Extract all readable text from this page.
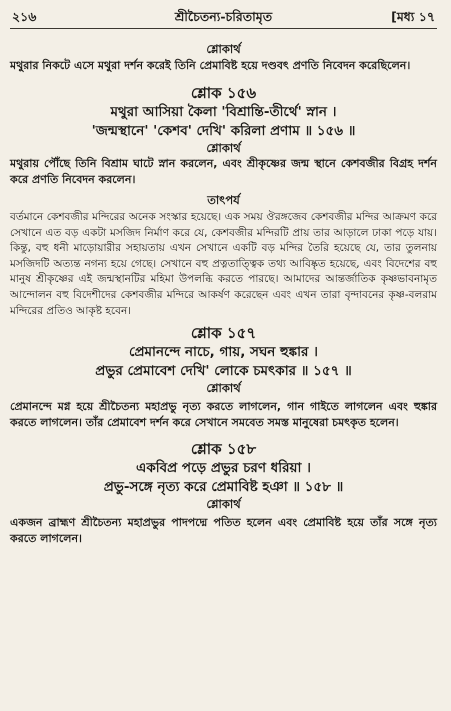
২১৬	শ্রীচৈতন্য-চরিতামৃত	[মধ্য ১৭
শ্লোকার্থ

মথুরার নিকটে এসে মথুরা দর্শন করেই তিনি প্রেমাবিষ্ট হয়ে দণ্ডবৎ প্রণতি নিবেদন করেছিলেন।

শ্লোক ১৫৬
মথুরা আসিয়া কৈলা 'বিশ্রান্তি-তীর্থে' স্নান ।
'জন্মস্থানে' 'কেশব' দেখি' করিলা প্রণাম ॥ ১৫৬ ॥
শ্লোকার্থ

মথুরায় পৌঁছে তিনি বিশ্রাম ঘাটে স্নান করলেন, এবং শ্রীকৃষ্ণের জন্ম স্থানে কেশবজীর বিগ্রহ দর্শন করে প্রণতি নিবেদন করলেন।

তাৎপর্য

বর্তমানে কেশবজীর মন্দিরের অনেক সংস্কার হয়েছে। এক সময় ঔরঙ্গজেব কেশবজীর মন্দির আক্রমণ করে সেখানে এত বড় একটা মসজিদ নির্মাণ করে যে, কেশবজীর মন্দিরটি প্রায় তার আড়ালে ঢাকা পড়ে যায়। কিন্তু, বহু ধনী মাড়োয়ারীর সহায়তায় এখন সেখানে একটি বড় মন্দির তৈরি হয়েছে যে, তার তুলনায় মসজিদটি অত্যন্ত নগন্য হয়ে গেছে। সেখানে বহু প্রত্নতাত্ত্বিক তথ্য আবিষ্কৃত হয়েছে, এবং বিদেশের বহু মানুষ শ্রীকৃষ্ণের এই জন্মস্থানটির মহিমা উপলব্ধি করতে পারছে। আমাদের আন্তর্জাতিক কৃষ্ণভাবনামৃত আন্দোলন বহু বিদেশীদের কেশবজীর মন্দিরে আকর্ষণ করেছেন এবং এখন তারা বৃন্দাবনের কৃষ্ণ-বলরাম মন্দিরের প্রতিও আকৃষ্ট হবেন।

শ্লোক ১৫৭
প্রেমানন্দে নাচে, গায়, সঘন হুঙ্কার ।
প্রভুর প্রেমাবেশ দেখি' লোকে চমৎকার ॥ ১৫৭ ॥
শ্লোকার্থ

প্রেমানন্দে মগ্ন হয়ে শ্রীচৈতন্য মহাপ্রভু নৃত্য করতে লাগলেন, গান গাইতে লাগলেন এবং হুঙ্কার করতে লাগলেন। তাঁর প্রেমাবেশ দর্শন করে সেখানে সমবেত সমস্ত মানুষেরা চমৎকৃত হলেন।

শ্লোক ১৫৮
একবিপ্র পড়ে প্রভুর চরণ ধরিয়া ।
প্রভু-সঙ্গে নৃত্য করে প্রেমাবিষ্ট হঞা ॥ ১৫৮ ॥
শ্লোকার্থ

একজন ব্রাহ্মণ শ্রীচৈতন্য মহাপ্রভুর পাদপদ্মে পতিত হলেন এবং প্রেমাবিষ্ট হয়ে তাঁর সঙ্গে নৃত্য করতে লাগলেন।
